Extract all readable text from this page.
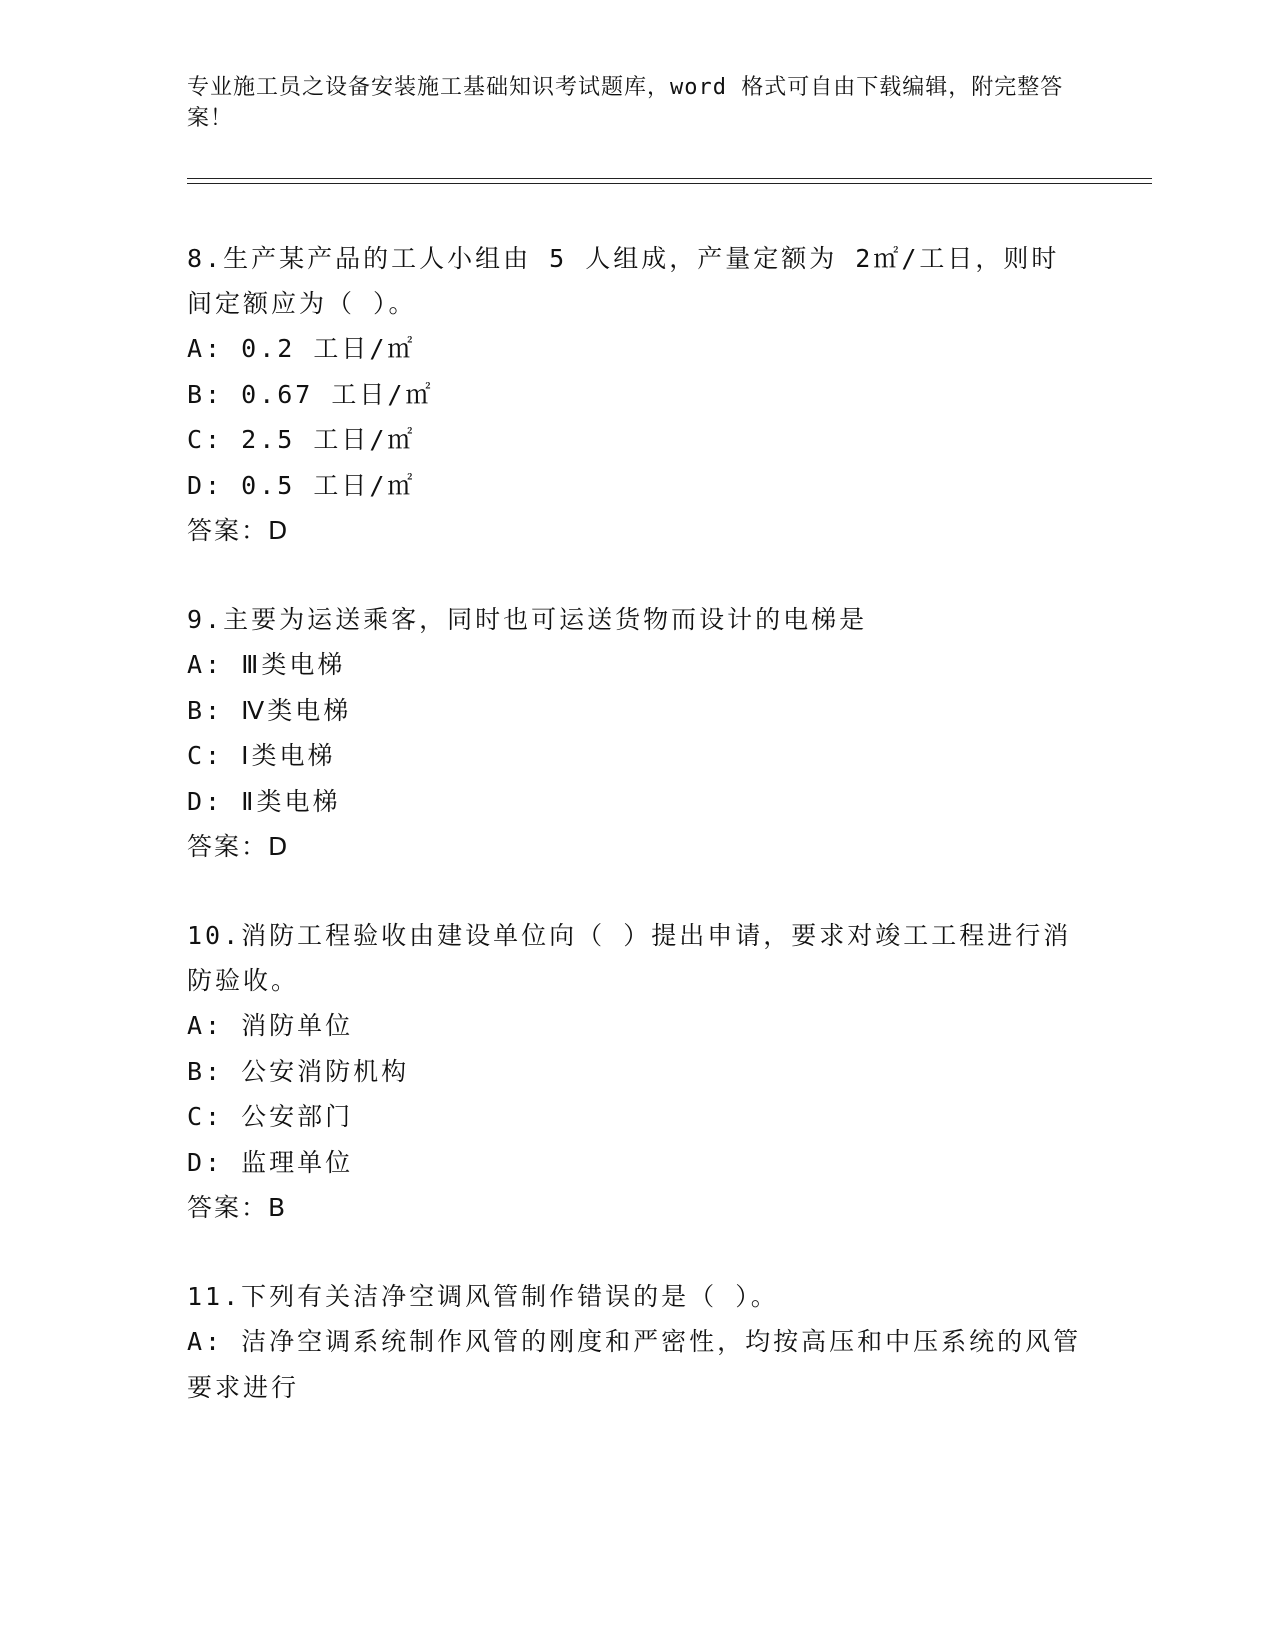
专业施工员之设备安装施工基础知识考试题库，word 格式可自由下载编辑，附完整答案！
8.生产某产品的工人小组由 5 人组成，产量定额为 2㎡/工日，则时间定额应为（ ）。
A: 0.2 工日/㎡
B: 0.67 工日/㎡
C: 2.5 工日/㎡
D: 0.5 工日/㎡
答案：D
9.主要为运送乘客，同时也可运送货物而设计的电梯是
A: Ⅲ类电梯
B: Ⅳ类电梯
C: Ⅰ类电梯
D: Ⅱ类电梯
答案：D
10.消防工程验收由建设单位向（ ）提出申请，要求对竣工工程进行消防验收。
A: 消防单位
B: 公安消防机构
C: 公安部门
D: 监理单位
答案：B
11.下列有关洁净空调风管制作错误的是（ ）。
A: 洁净空调系统制作风管的刚度和严密性，均按高压和中压系统的风管要求进行
